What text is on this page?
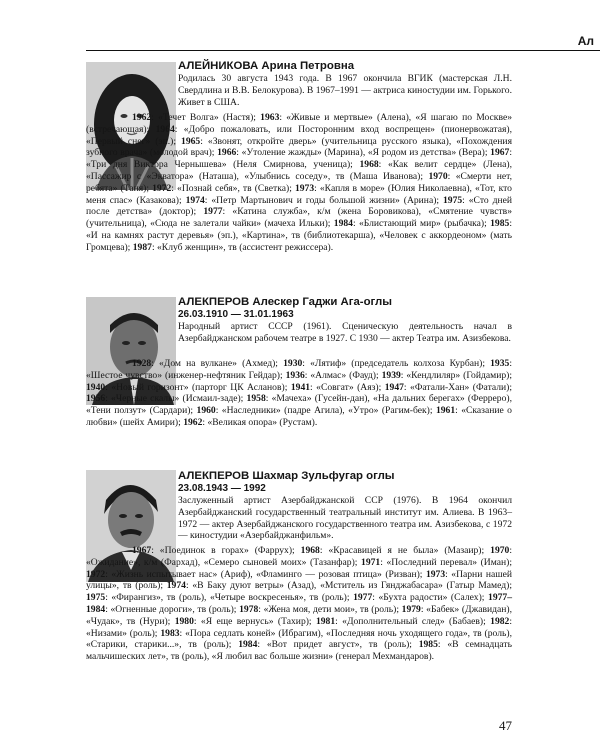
Ал

АЛЕЙНИКОВА Арина Петровна

Родилась 30 августа 1943 года. В 1967 окончила ВГИК (мастерская Л.Н. Свердлина и В.В. Белокурова). В 1967–1991 — актриса киностудии им. Горького. Живет в США.

1962: «Течет Волга» (Настя); 1963: «Живые и мертвые» (Алена), «Я шагаю по Москве» (встречающая); 1964: «Добро пожаловать, или Посторонним вход воспрещен» (пионервожатая), «Первый снег» (эп.); 1965: «Звонят, откройте дверь» (учительница русского языка), «Похождения зубного врача» (молодой врач); 1966: «Утоление жажды» (Марина), «Я родом из детства» (Вера); 1967: «Три дня Виктора Чернышева» (Неля Смирнова, ученица); 1968: «Как велит сердце» (Лена), «Пассажир с «Экватора» (Наташа), «Улыбнись соседу», тв (Маша Иванова); 1970: «Смерти нет, ребята» (Таня); 1972: «Познай себя», тв (Светка); 1973: «Капля в море» (Юлия Николаевна), «Тот, кто меня спас» (Казакова); 1974: «Петр Мартынович и годы большой жизни» (Арина); 1975: «Сто дней после детства» (доктор); 1977: «Катина служба», к/м (жена Боровикова), «Смятение чувств» (учительница), «Сюда не залетали чайки» (мачеха Ильки); 1984: «Блистающий мир» (рыбачка); 1985: «И на камнях растут деревья» (эп.), «Картина», тв (библиотекарша), «Человек с аккордеоном» (мать Громцева); 1987: «Клуб женщин», тв (ассистент режиссера).

АЛЕКПЕРОВ Алескер Гаджи Ага-оглы

26.03.1910 — 31.01.1963

Народный артист СССР (1961). Сценическую деятельность начал в Азербайджанском рабочем театре в 1927. С 1930 — актер Театра им. Азизбекова.

1928: «Дом на вулкане» (Ахмед); 1930: «Лятиф» (председатель колхоза Курбан); 1935: «Шестое чувство» (инженер-нефтяник Гейдар); 1936: «Алмас» (Фауд); 1939: «Кендлиляр» (Гойдамир); 1940: «Новый горизонт» (парторг ЦК Асланов); 1941: «Совгат» (Аяз); 1947: «Фатали-Хан» (Фатали); 1956: «Черные скалы» (Исмаил-заде); 1958: «Мачеха» (Гусейн-дан), «На дальних берегах» (Ферреро), «Тени ползут» (Сардари); 1960: «Наследники» (падре Агила), «Утро» (Рагим-бек); 1961: «Сказание о любви» (шейх Амири); 1962: «Великая опора» (Рустам).

АЛЕКПЕРОВ Шахмар Зульфугар оглы

23.08.1943 — 1992

Заслуженный артист Азербайджанской ССР (1976). В 1964 окончил Азербайджанский государственный театральный институт им. Алиева. В 1963–1972 — актер Азербайджанского государственного театра им. Азизбекова, с 1972 — киностудии «Азербайджанфильм».

1967: «Поединок в горах» (Фаррух); 1968: «Красавицей я не была» (Мазаир); 1970: «Ожидание», к/м (Фархад), «Семеро сыновей моих» (Тазанфар); 1971: «Последний перевал» (Иман); 1972: «Жизнь испытывает нас» (Ариф), «Фламинго — розовая птица» (Ризван); 1973: «Парни нашей улицы», тв (роль); 1974: «В Баку дуют ветры» (Азад), «Мститель из Гянджабасара» (Гатыр Мамед); 1975: «Фирангиз», тв (роль), «Четыре воскресенья», тв (роль); 1977: «Бухта радости» (Салех); 1977–1984: «Огненные дороги», тв (роль); 1978: «Жена моя, дети мои», тв (роль); 1979: «Бабек» (Джавидан), «Чудак», тв (Нури); 1980: «Я еще вернусь» (Тахир); 1981: «Дополнительный след» (Бабаев); 1982: «Низами» (роль); 1983: «Пора седлать коней» (Ибрагим), «Последняя ночь уходящего года», тв (роль), «Старики, старики...», тв (роль); 1984: «Вот придет август», тв (роль); 1985: «В семнадцать мальчишеских лет», тв (роль), «Я любил вас больше жизни» (генерал Мехмандаров).

47
